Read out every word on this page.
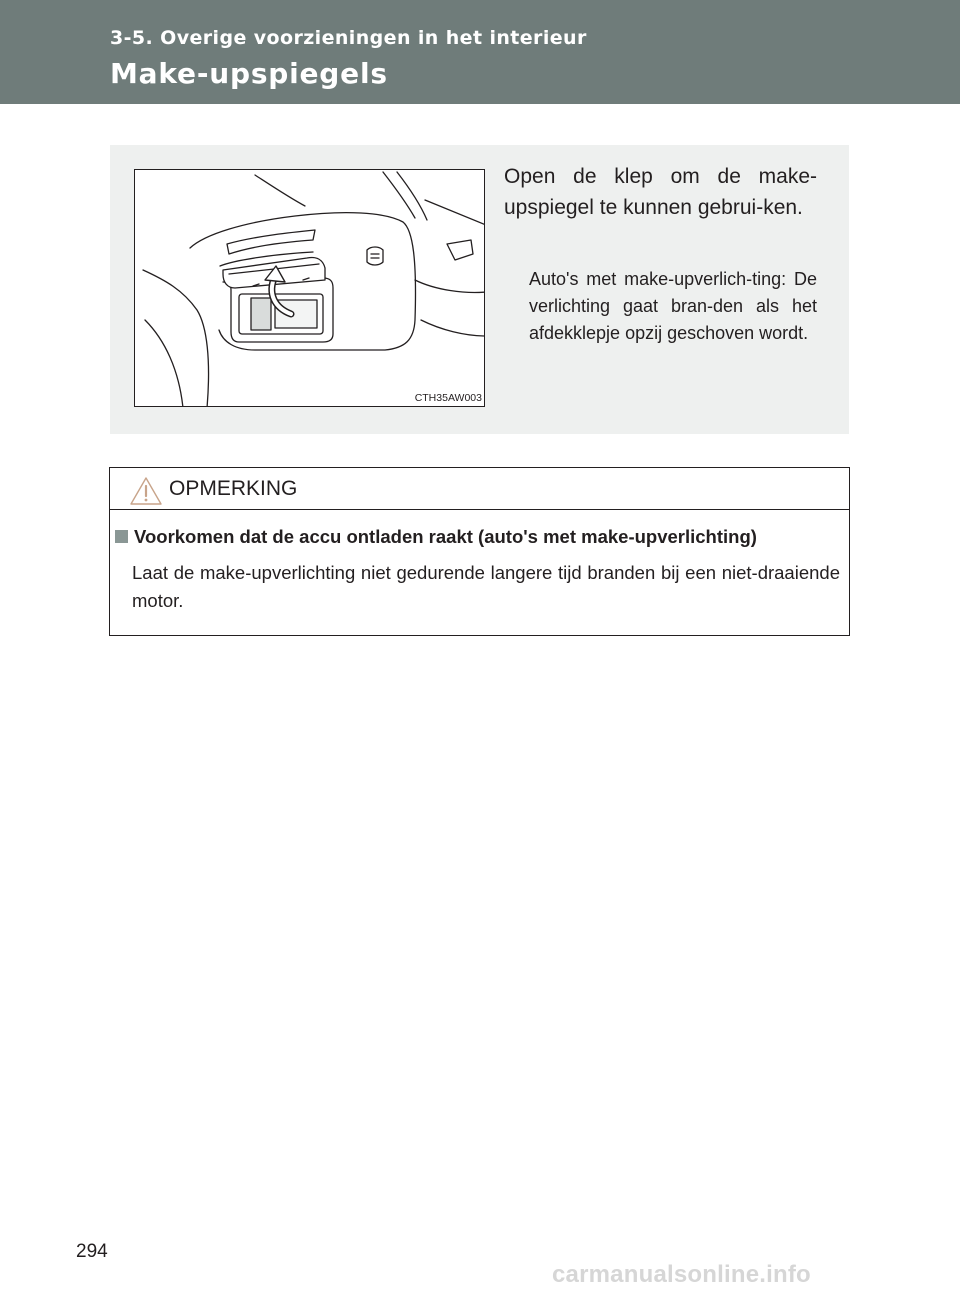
3-5. Overige voorzieningen in het interieur
Make-upspiegels
CTH35AW003

Open de klep om de make-upspiegel te kunnen gebrui-ken.

Auto's met make-upverlich-ting: De verlichting gaat bran-den als het afdekklepje opzij geschoven wordt.

OPMERKING

Voorkomen dat de accu ontladen raakt (auto's met make-upverlichting)

Laat de make-upverlichting niet gedurende langere tijd branden bij een niet-draaiende motor.

294
carmanualsonline.info
